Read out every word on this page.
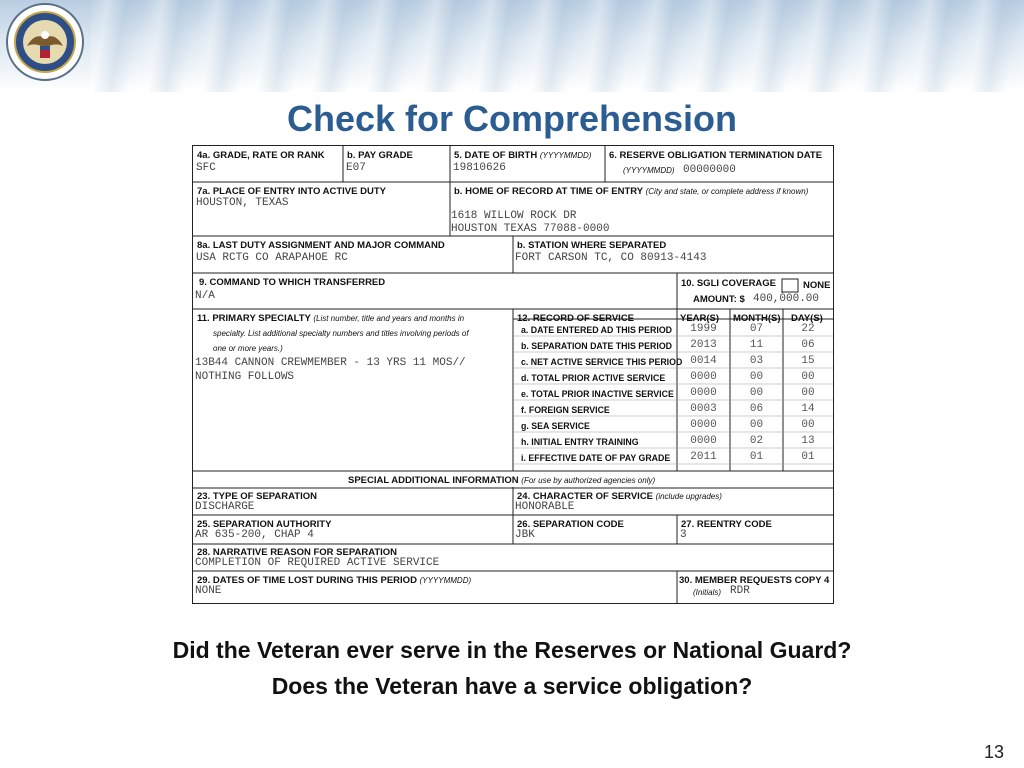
Check for Comprehension
4a. GRADE, RATE OR RANK
SFC
b. PAY GRADE
E07
5. DATE OF BIRTH (YYYYMMDD)
19810626
6. RESERVE OBLIGATION TERMINATION DATE
(YYYYMMDD) 00000000
7a. PLACE OF ENTRY INTO ACTIVE DUTY
HOUSTON, TEXAS
b. HOME OF RECORD AT TIME OF ENTRY (City and state, or complete address if known)
1618 WILLOW ROCK DR
HOUSTON TEXAS 77088-0000
8a. LAST DUTY ASSIGNMENT AND MAJOR COMMAND
USA RCTG CO ARAPAHOE RC
b. STATION WHERE SEPARATED
FORT CARSON TC, CO 80913-4143
9. COMMAND TO WHICH TRANSFERRED
N/A
10. SGLI COVERAGE	NONE
AMOUNT: $ 400,000.00
11. PRIMARY SPECIALTY (List number, title and years and months in
specialty. List additional specialty numbers and titles involving periods of
one or more years.)
13B44 CANNON CREWMEMBER - 13 YRS 11 MOS//
NOTHING FOLLOWS
12. RECORD OF SERVICE	YEAR(S) MONTH(S) DAY(S)
a. DATE ENTERED AD THIS PERIOD	1999	07	22
b. SEPARATION DATE THIS PERIOD	2013	11	06
c. NET ACTIVE SERVICE THIS PERIOD 0014	03	15
d. TOTAL PRIOR ACTIVE SERVICE	0000	00	00
e. TOTAL PRIOR INACTIVE SERVICE	0000	00	00
f. FOREIGN SERVICE	0003	06	14
g. SEA SERVICE	0000	00	00
h. INITIAL ENTRY TRAINING	0000	02	13
i. EFFECTIVE DATE OF PAY GRADE	2011	01	01
SPECIAL ADDITIONAL INFORMATION (For use by authorized agencies only)
23. TYPE OF SEPARATION
DISCHARGE
24. CHARACTER OF SERVICE (include upgrades)
HONORABLE
25. SEPARATION AUTHORITY
AR 635-200, CHAP 4
26. SEPARATION CODE
JBK
27. REENTRY CODE
3
28. NARRATIVE REASON FOR SEPARATION
COMPLETION OF REQUIRED ACTIVE SERVICE
29. DATES OF TIME LOST DURING THIS PERIOD (YYYYMMDD)
NONE
30. MEMBER REQUESTS COPY 4
(Initials) RDR
Did the Veteran ever serve in the Reserves or National Guard?
Does the Veteran have a service obligation?
13
